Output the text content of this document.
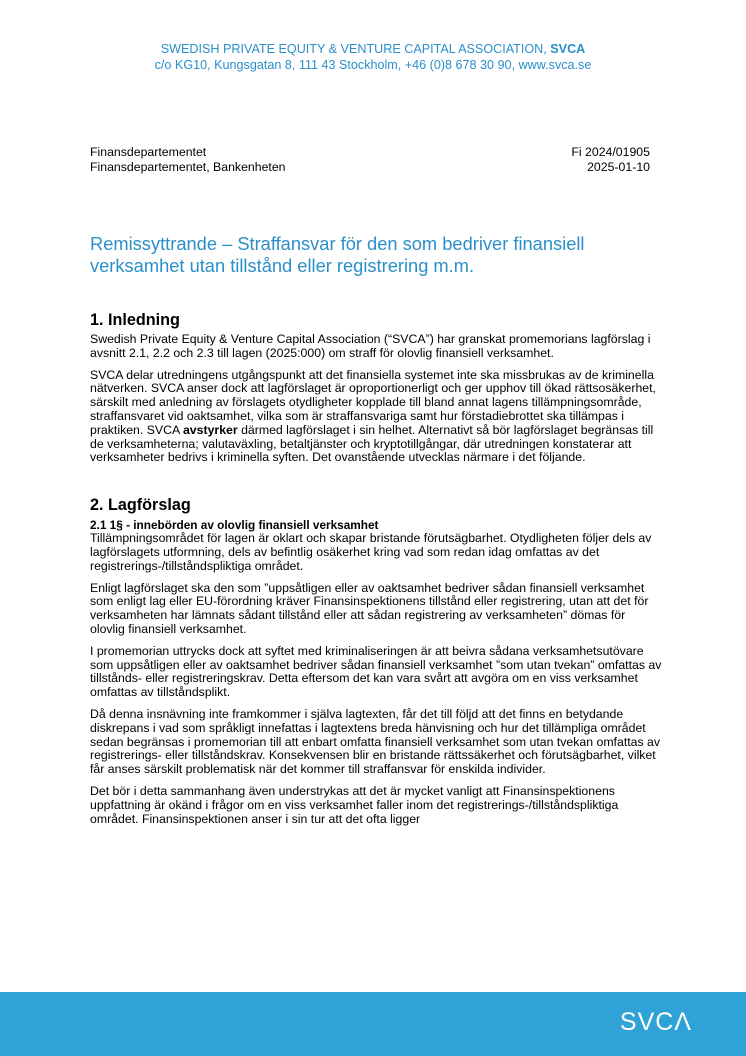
SWEDISH PRIVATE EQUITY & VENTURE CAPITAL ASSOCIATION, SVCA
c/o KG10, Kungsgatan 8, 111 43 Stockholm, +46 (0)8 678 30 90, www.svca.se
Finansdepartementet
Finansdepartementet, Bankenheten
Fi 2024/01905
2025-01-10
Remissyttrande – Straffansvar för den som bedriver finansiell verksamhet utan tillstånd eller registrering m.m.
1. Inledning

Swedish Private Equity & Venture Capital Association (“SVCA”) har granskat promemorians lagförslag i avsnitt 2.1, 2.2 och 2.3 till lagen (2025:000) om straff för olovlig finansiell verksamhet.

SVCA delar utredningens utgångspunkt att det finansiella systemet inte ska missbrukas av de kriminella nätverken. SVCA anser dock att lagförslaget är oproportionerligt och ger upphov till ökad rättsosäkerhet, särskilt med anledning av förslagets otydligheter kopplade till bland annat lagens tillämpningsområde, straffansvaret vid oaktsamhet, vilka som är straffansvariga samt hur förstadiebrottet ska tillämpas i praktiken. SVCA avstyrker därmed lagförslaget i sin helhet. Alternativt så bör lagförslaget begränsas till de verksamheterna; valutaväxling, betaltjänster och kryptotillgångar, där utredningen konstaterar att verksamheter bedrivs i kriminella syften. Det ovanstående utvecklas närmare i det följande.

2. Lagförslag
2.1 1§ - innebörden av olovlig finansiell verksamhet

Tillämpningsområdet för lagen är oklart och skapar bristande förutsägbarhet. Otydligheten följer dels av lagförslagets utformning, dels av befintlig osäkerhet kring vad som redan idag omfattas av det registrerings-/tillståndspliktiga området.

Enligt lagförslaget ska den som ”uppsåtligen eller av oaktsamhet bedriver sådan finansiell verksamhet som enligt lag eller EU-förordning kräver Finansinspektionens tillstånd eller registrering, utan att det för verksamheten har lämnats sådant tillstånd eller att sådan registrering av verksamheten” dömas för olovlig finansiell verksamhet.

I promemorian uttrycks dock att syftet med kriminaliseringen är att beivra sådana verksamhetsutövare som uppsåtligen eller av oaktsamhet bedriver sådan finansiell verksamhet ”som utan tvekan” omfattas av tillstånds- eller registreringskrav. Detta eftersom det kan vara svårt att avgöra om en viss verksamhet omfattas av tillståndsplikt.

Då denna insnävning inte framkommer i själva lagtexten, får det till följd att det finns en betydande diskrepans i vad som språkligt innefattas i lagtextens breda hänvisning och hur det tillämpliga området sedan begränsas i promemorian till att enbart omfatta finansiell verksamhet som utan tvekan omfattas av registrerings- eller tillståndskrav. Konsekvensen blir en bristande rättssäkerhet och förutsägbarhet, vilket får anses särskilt problematisk när det kommer till straffansvar för enskilda individer.

Det bör i detta sammanhang även understrykas att det är mycket vanligt att Finansinspektionens uppfattning är okänd i frågor om en viss verksamhet faller inom det registrerings-/tillståndspliktiga området. Finansinspektionen anser i sin tur att det ofta ligger

SVCΛ
